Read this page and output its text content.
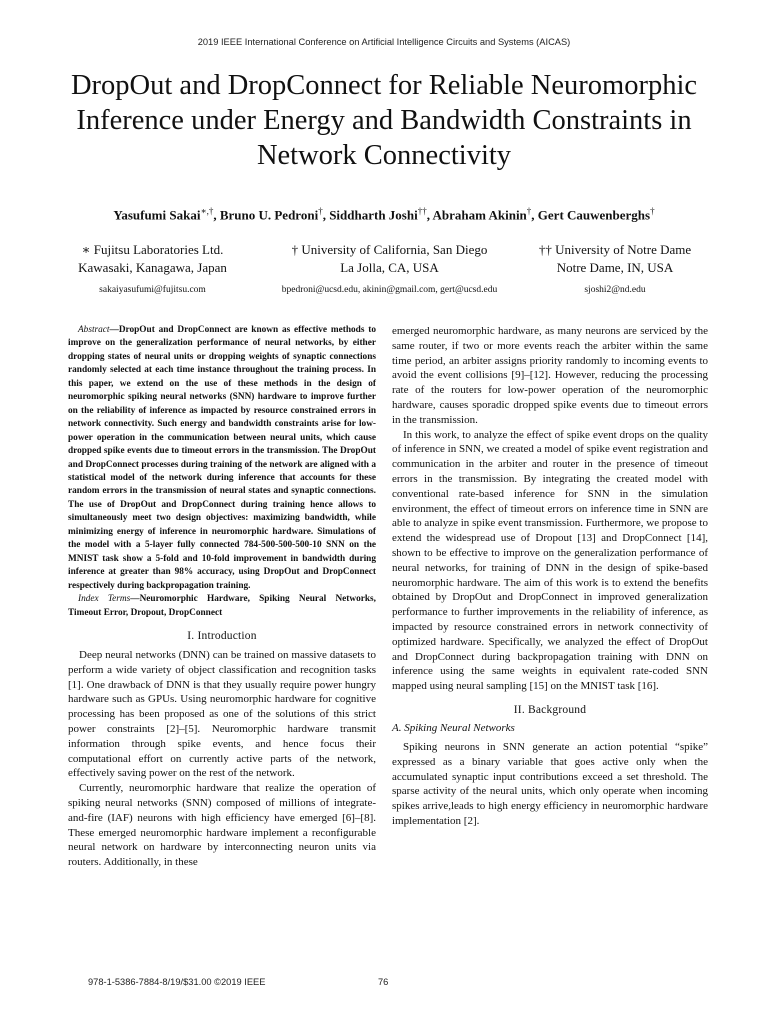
2019 IEEE International Conference on Artificial Intelligence Circuits and Systems (AICAS)
DropOut and DropConnect for Reliable Neuromorphic Inference under Energy and Bandwidth Constraints in Network Connectivity
Yasufumi Sakai∗,†, Bruno U. Pedroni†, Siddharth Joshi††, Abraham Akinin†, Gert Cauwenberghs†
∗ Fujitsu Laboratories Ltd.
Kawasaki, Kanagawa, Japan
sakaiyasufumi@fujitsu.com
† University of California, San Diego
La Jolla, CA, USA
bpedroni@ucsd.edu, akinin@gmail.com, gert@ucsd.edu
†† University of Notre Dame
Notre Dame, IN, USA
sjoshi2@nd.edu

Abstract—DropOut and DropConnect are known as effective methods to improve on the generalization performance of neural networks, by either dropping states of neural units or dropping weights of synaptic connections randomly selected at each time instance throughout the training process. In this paper, we extend on the use of these methods in the design of neuromorphic spiking neural networks (SNN) hardware to improve further on the reliability of inference as impacted by resource constrained errors in network connectivity. Such energy and bandwidth constraints arise for low-power operation in the communication between neural units, which cause dropped spike events due to timeout errors in the transmission. The DropOut and DropConnect processes during training of the network are aligned with a statistical model of the network during inference that accounts for these random errors in the transmission of neural states and synaptic connections. The use of DropOut and DropConnect during training hence allows to simultaneously meet two design objectives: maximizing bandwidth, while minimizing energy of inference in neuromorphic hardware. Simulations of the model with a 5-layer fully connected 784-500-500-500-10 SNN on the MNIST task show a 5-fold and 10-fold improvement in bandwidth during inference at greater than 98% accuracy, using DropOut and DropConnect respectively during backpropagation training.

Index Terms—Neuromorphic Hardware, Spiking Neural Networks, Timeout Error, Dropout, DropConnect

I. Introduction

Deep neural networks (DNN) can be trained on massive datasets to perform a wide variety of object classification and recognition tasks [1]. One drawback of DNN is that they usually require power hungry hardware such as GPUs. Using neuromorphic hardware for cognitive processing has been proposed as one of the solutions of this strict power constraints [2]–[5]. Neuromorphic hardware transmit information through spike events, and hence focus their computational effort on currently active parts of the network, effectively saving power on the rest of the network.

Currently, neuromorphic hardware that realize the operation of spiking neural networks (SNN) composed of millions of integrate-and-fire (IAF) neurons with high efficiency have emerged [6]–[8]. These emerged neuromorphic hardware implement a reconfigurable neural network on hardware by interconnecting neuron units via routers. Additionally, in these

emerged neuromorphic hardware, as many neurons are serviced by the same router, if two or more events reach the arbiter within the same time period, an arbiter assigns priority randomly to incoming events to avoid the event collisions [9]–[12]. However, reducing the processing rate of the routers for low-power operation of the neuromorphic hardware, causes sporadic dropped spike events due to timeout errors in the transmission.

In this work, to analyze the effect of spike event drops on the quality of inference in SNN, we created a model of spike event registration and communication in the arbiter and router in the presence of timeout errors in the transmission. By integrating the created model with conventional rate-based inference for SNN in the simulation environment, the effect of timeout errors on inference time in SNN are able to analyze in spike event transmission. Furthermore, we propose to extend the widespread use of Dropout [13] and DropConnect [14], shown to be effective to improve on the generalization performance of neural networks, for training of DNN in the design of spike-based neuromorphic hardware. The aim of this work is to extend the benefits obtained by DropOut and DropConnect in improved generalization performance to further improvements in the reliability of inference, as impacted by resource constrained errors in network connectivity of optimized hardware. Specifically, we analyzed the effect of DropOut and DropConnect during backpropagation training with DNN on inference using the same weights in equivalent rate-coded SNN mapped using neural sampling [15] on the MNIST task [16].

II. Background
A. Spiking Neural Networks

Spiking neurons in SNN generate an action potential “spike” expressed as a binary variable that goes active only when the accumulated synaptic input contributions exceed a set threshold. The sparse activity of the neural units, which only operate when incoming spikes arrive,leads to high energy efficiency in neuromorphic hardware implementation [2].

978-1-5386-7884-8/19/$31.00 ©2019 IEEE	76
